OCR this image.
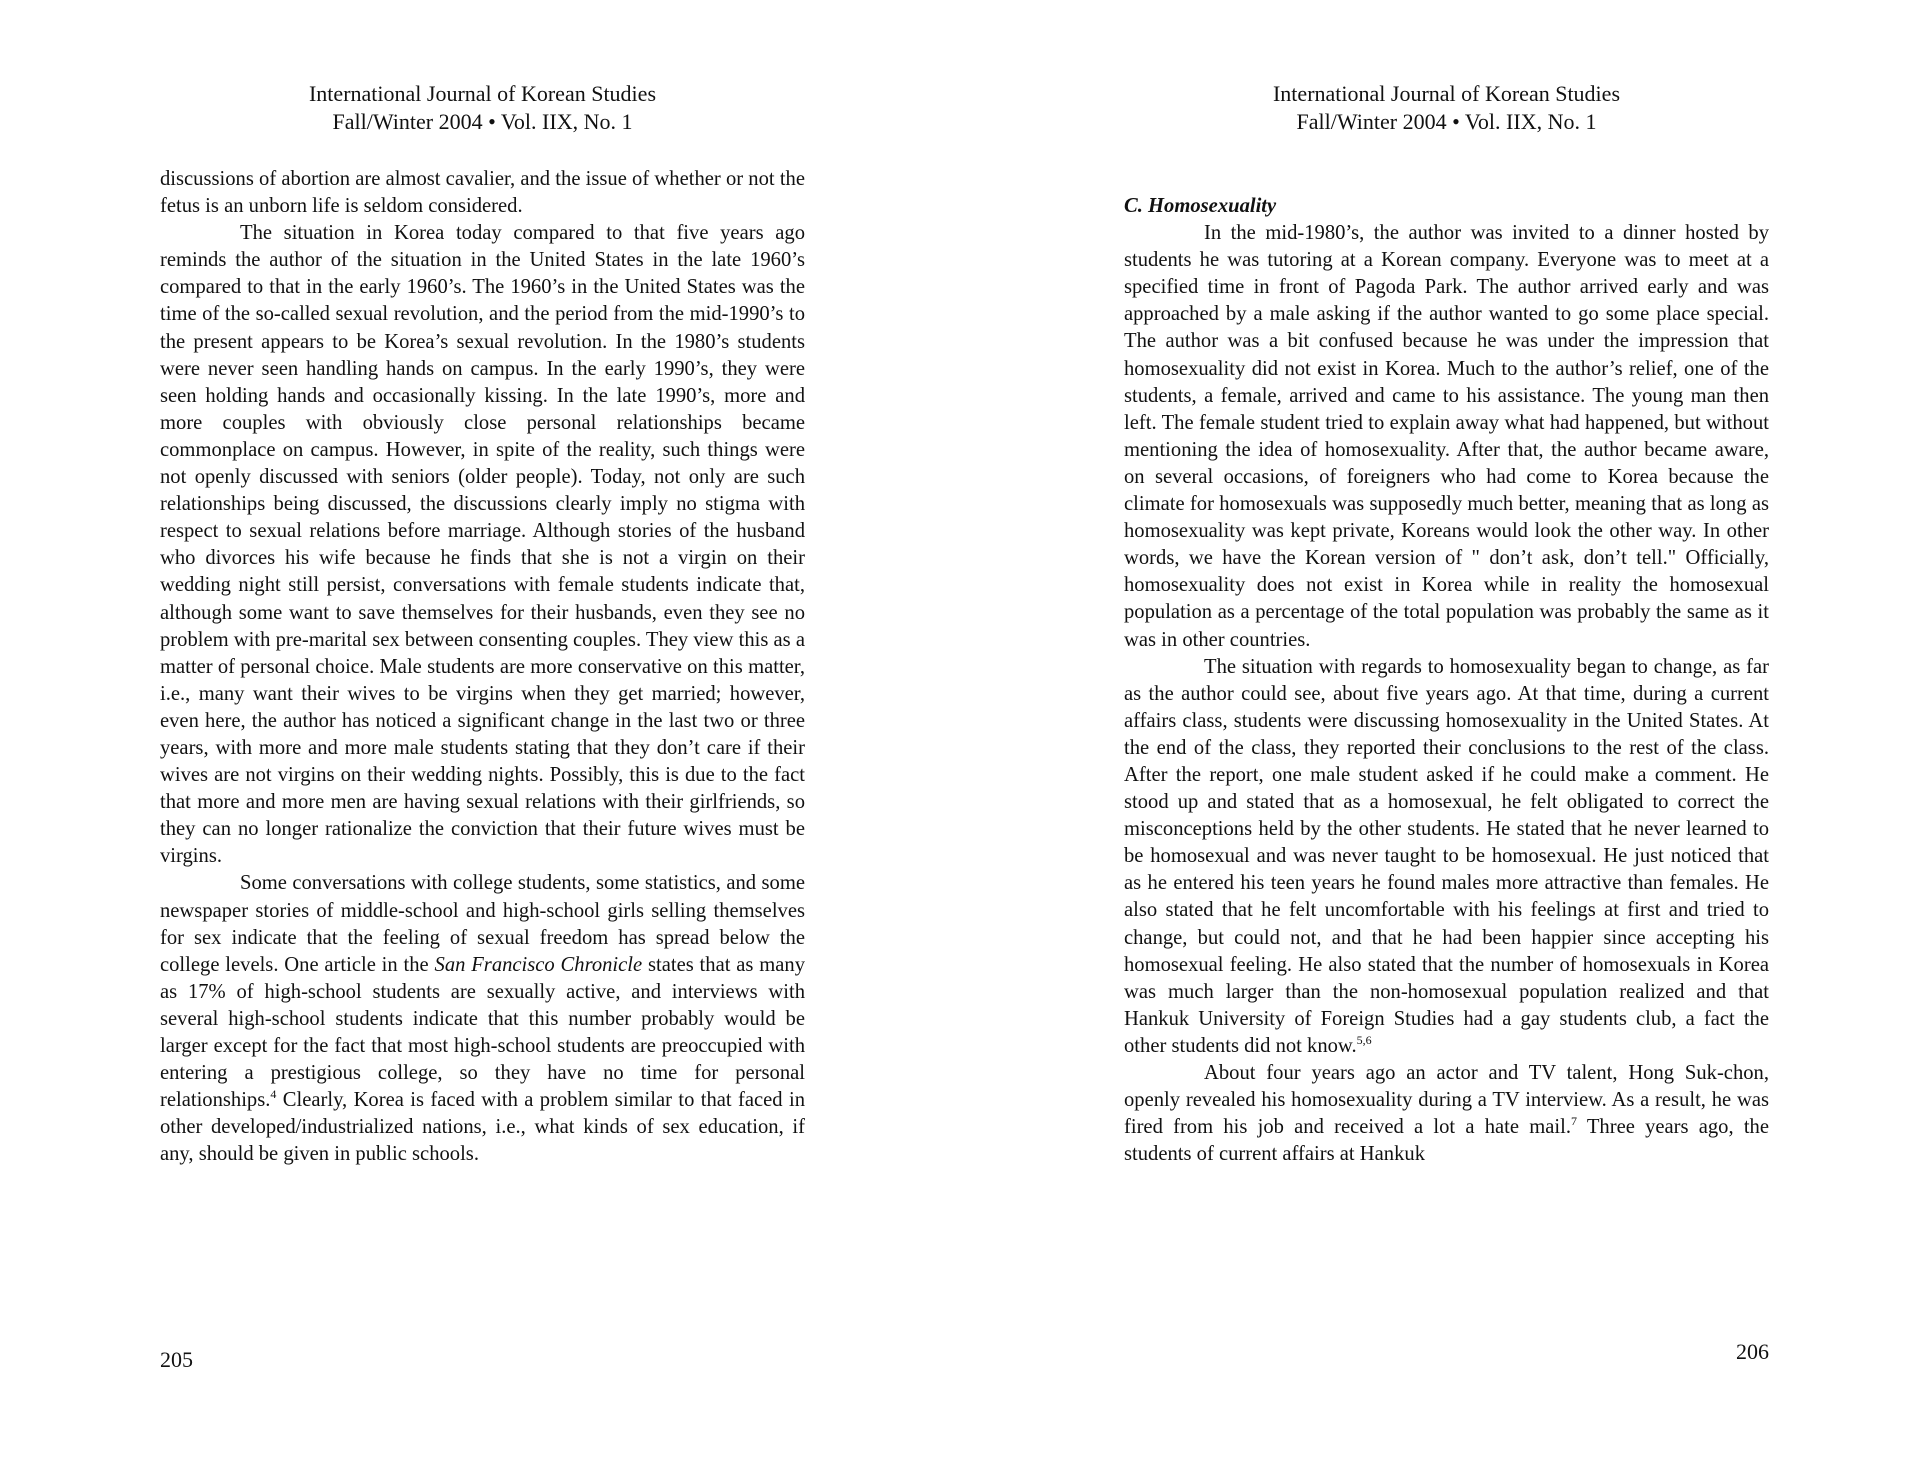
International Journal of Korean Studies
Fall/Winter 2004 • Vol. IIX, No. 1

discussions of abortion are almost cavalier, and the issue of whether or not the fetus is an unborn life is seldom considered.

The situation in Korea today compared to that five years ago reminds the author of the situation in the United States in the late 1960’s compared to that in the early 1960’s. The 1960’s in the United States was the time of the so-called sexual revolution, and the period from the mid-1990’s to the present appears to be Korea’s sexual revolution. In the 1980’s students were never seen handling hands on campus. In the early 1990’s, they were seen holding hands and occasionally kissing. In the late 1990’s, more and more couples with obviously close personal relationships became commonplace on campus. However, in spite of the reality, such things were not openly discussed with seniors (older people). Today, not only are such relationships being discussed, the discussions clearly imply no stigma with respect to sexual relations before marriage. Although stories of the husband who divorces his wife because he finds that she is not a virgin on their wedding night still persist, conversations with female students indicate that, although some want to save themselves for their husbands, even they see no problem with pre-marital sex between consenting couples. They view this as a matter of personal choice. Male students are more conservative on this matter, i.e., many want their wives to be virgins when they get married; however, even here, the author has noticed a significant change in the last two or three years, with more and more male students stating that they don’t care if their wives are not virgins on their wedding nights. Possibly, this is due to the fact that more and more men are having sexual relations with their girlfriends, so they can no longer rationalize the conviction that their future wives must be virgins.

Some conversations with college students, some statistics, and some newspaper stories of middle-school and high-school girls selling themselves for sex indicate that the feeling of sexual freedom has spread below the college levels. One article in the San Francisco Chronicle states that as many as 17% of high-school students are sexually active, and interviews with several high-school students indicate that this number probably would be larger except for the fact that most high-school students are preoccupied with entering a prestigious college, so they have no time for personal relationships.$^4$ Clearly, Korea is faced with a problem similar to that faced in other developed/industrialized nations, i.e., what kinds of sex education, if any, should be given in public schools.

205
International Journal of Korean Studies
Fall/Winter 2004 • Vol. IIX, No. 1

C. Homosexuality

In the mid-1980’s, the author was invited to a dinner hosted by students he was tutoring at a Korean company. Everyone was to meet at a specified time in front of Pagoda Park. The author arrived early and was approached by a male asking if the author wanted to go some place special. The author was a bit confused because he was under the impression that homosexuality did not exist in Korea. Much to the author’s relief, one of the students, a female, arrived and came to his assistance. The young man then left. The female student tried to explain away what had happened, but without mentioning the idea of homosexuality. After that, the author became aware, on several occasions, of foreigners who had come to Korea because the climate for homosexuals was supposedly much better, meaning that as long as homosexuality was kept private, Koreans would look the other way. In other words, we have the Korean version of " don’t ask, don’t tell." Officially, homosexuality does not exist in Korea while in reality the homosexual population as a percentage of the total population was probably the same as it was in other countries.

The situation with regards to homosexuality began to change, as far as the author could see, about five years ago. At that time, during a current affairs class, students were discussing homosexuality in the United States. At the end of the class, they reported their conclusions to the rest of the class. After the report, one male student asked if he could make a comment. He stood up and stated that as a homosexual, he felt obligated to correct the misconceptions held by the other students. He stated that he never learned to be homosexual and was never taught to be homosexual. He just noticed that as he entered his teen years he found males more attractive than females. He also stated that he felt uncomfortable with his feelings at first and tried to change, but could not, and that he had been happier since accepting his homosexual feeling. He also stated that the number of homosexuals in Korea was much larger than the non-homosexual population realized and that Hankuk University of Foreign Studies had a gay students club, a fact the other students did not know.$^{5,6}$

About four years ago an actor and TV talent, Hong Suk-chon, openly revealed his homosexuality during a TV interview. As a result, he was fired from his job and received a lot a hate mail.$^7$ Three years ago, the students of current affairs at Hankuk

206
